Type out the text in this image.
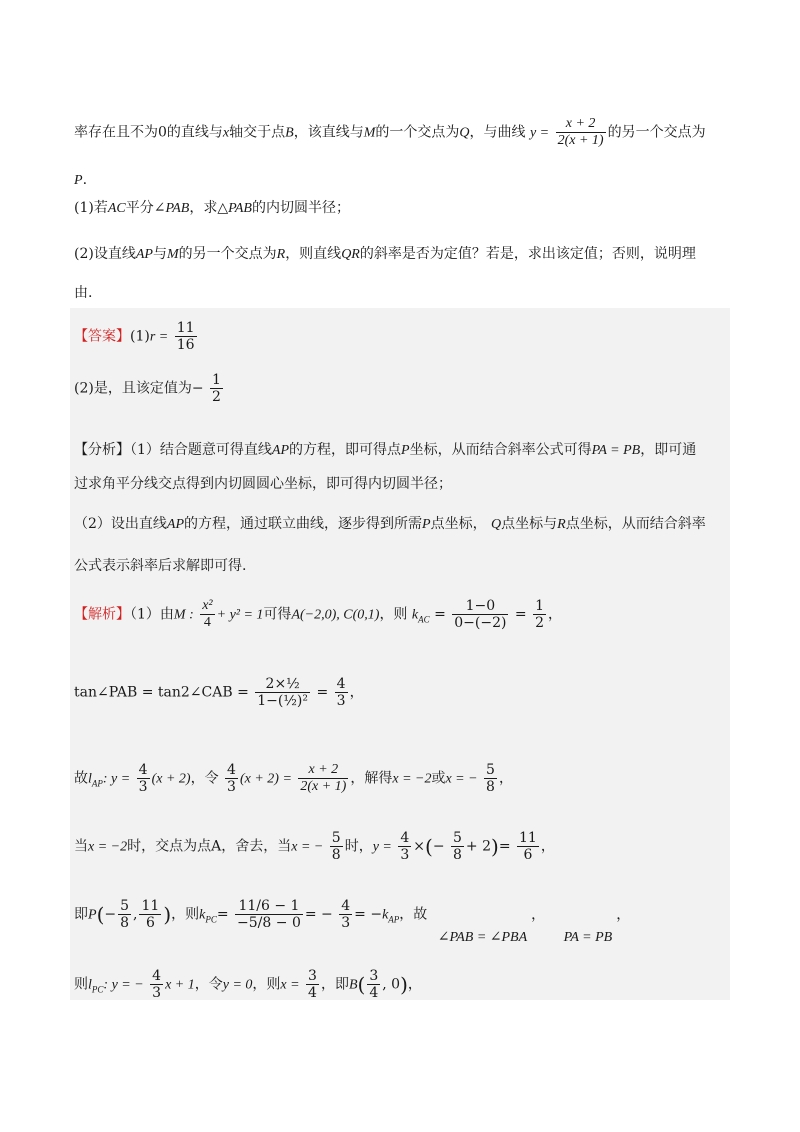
率存在且不为0的直线与x轴交于点B，该直线与M的一个交点为Q，与曲线 $y = \frac{x + 2}{2(x + 1)}$ 的另一个交点为
P.
(1)若AC平分∠PAB，求△PAB的内切圆半径；
(2)设直线AP与M的另一个交点为R，则直线QR的斜率是否为定值？若是，求出该定值；否则，说明理
由.
【答案】$(1)r = \frac{11}{16}$
(2)是，且该定值为− $\frac{1}{2}$
【分析】（1）结合题意可得直线AP的方程，即可得点P坐标，从而结合斜率公式可得PA = PB，即可通
过求角平分线交点得到内切圆圆心坐标，即可得内切圆半径；
（2）设出直线AP的方程，通过联立曲线，逐步得到所需P点坐标， Q点坐标与R点坐标，从而结合斜率
公式表示斜率后求解即可得.
【解析】（1）由M : $\frac{\text{x²}}{4} + y^2 = 1$可得A(−2,0), C(0,1)，则 $k_{AC} = \frac{1-0}{0-(-2)} = \frac{1}{2}$ ，
tan∠PAB = tan2∠CAB = $\frac{\text{2×½}}{\text{1−(½)²}} = \frac{4}{3}$ ，
故$l_{AP}$: $y = \frac{4}{3} (x + 2)$，令 $\frac{4}{3} (x + 2) = \frac{x + 2}{2(x + 1)}$ ，解得x = −2或x = − $\frac{5}{8}$ ，
当x = −2时，交点为点A，舍去，当x = − $\frac{5}{8}$ 时，$y = \frac{4}{3}$ ×(− $\frac{5}{8} + 2)= \frac{11}{6}$ ，
即$P(- \frac{5}{8}$ , $\frac{11}{6}$ )，则$k_{PC}= \frac{11/6 - 1}{-5/8 - 0}$ = − $\frac{4}{3} = -k_{AP}$，故 ∠PAB = ∠PBA， PA = PB，
则$l_{PC}$: y = − $\frac{4}{3}$ x + 1，令y = 0，则$x = \frac{3}{4}$ ，即$B( \frac{3}{4}$ , 0)，
